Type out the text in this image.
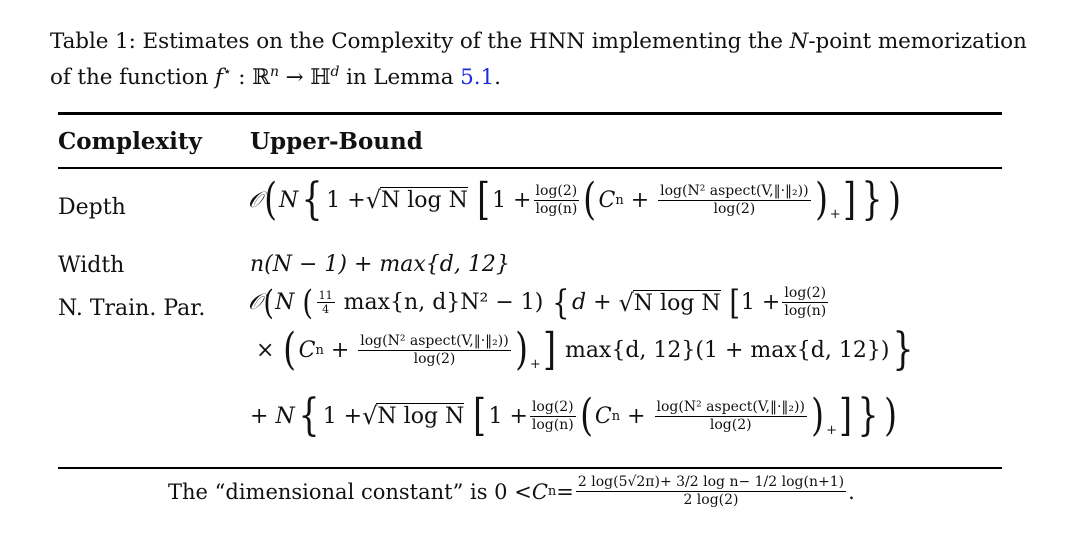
Table 1: Estimates on the Complexity of the HNN implementing the N-point memorization
of the function f⋆ : ℝ$^n$ → ℍ$^d$ in Lemma 5.1.
Complexity Upper-Bound
Depth	𝒪 ( N { 1 + √ N log N
[ $1 + \frac{\log(2)}{\log(n)}$ ( C $n + \frac{\text{log(N² aspect(V,‖·‖₂))}}{\log(2)}$ ) + ] } )
Width	n(N − 1) + max{d, 12}
N. Train. Par. 𝒪 ( N
( $\frac{11}{4}$
max{n, d}N² − 1)
{ d + √ N log N
[ $1 + \frac{\log(2)}{\log(n)}$
× ( C $n + \frac{\text{log(N² aspect(V,‖·‖₂))}}{\log(2)}$ ) + ]
max{d, 12}(1 + max{d, 12}) }
+ N { 1 + √ N log N
[ $1 + \frac{\log(2)}{\log(n)}$ ( C $n + \frac{\text{log(N² aspect(V,‖·‖₂))}}{\log(2)}$ ) + ] } )
The “dimensional constant” is 0 < C $n = \frac{\text{2 log(5√2π)+ 3/2 log n− 1/2 log(n+1)}}{2 \log(2)}$ .
